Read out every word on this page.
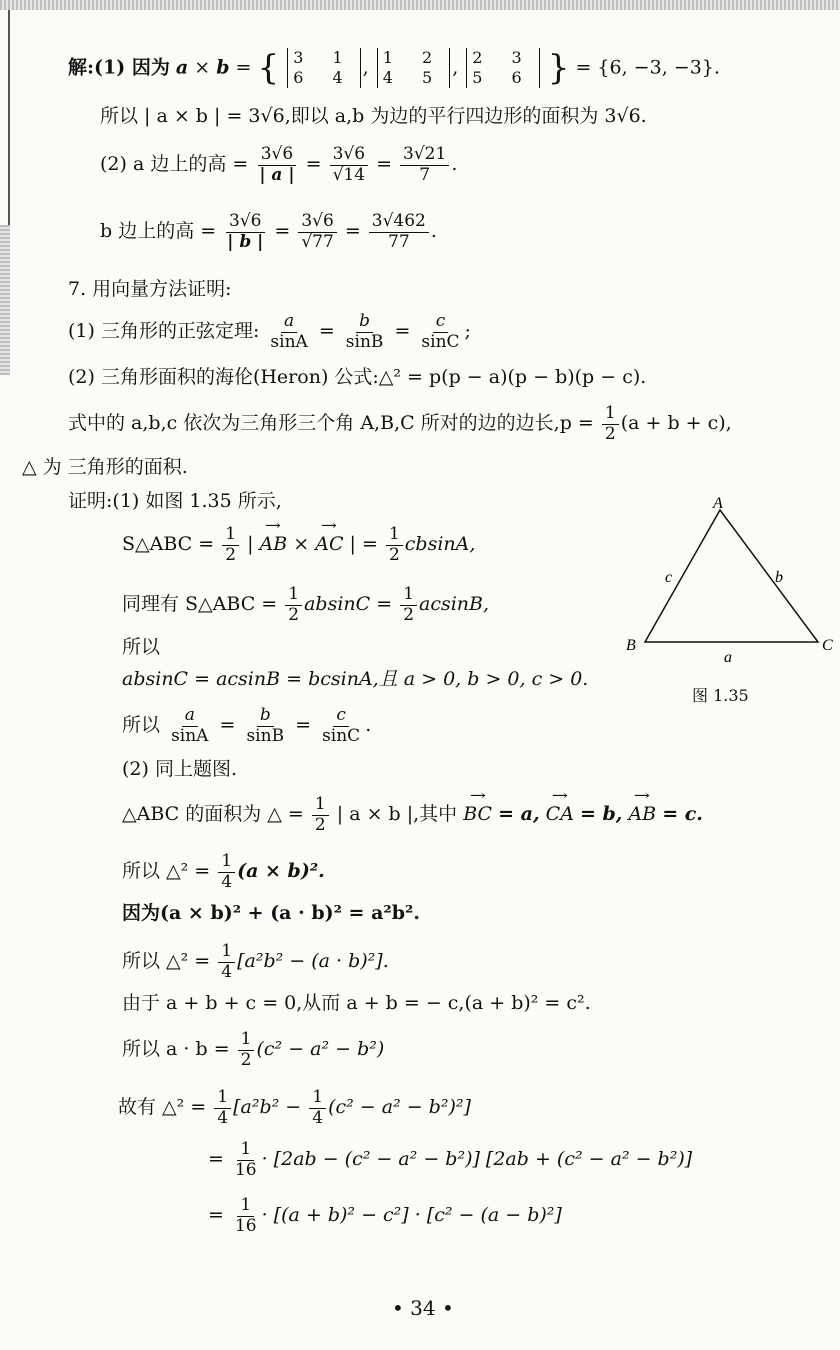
解:(1) 因为 a × b = { 3 1
6 4 , 1 2
4 5 , 2 3
5 6 } = {6, −3, −3}.
所以 | a × b | = 3√6,即以 a,b 为边的平行四边形的面积为 3√6.
(2) a 边上的高 = $\frac{3√6}{| a |} = \frac{3√6}{√14} = \frac{3√21}{7}$ .
b 边上的高 = $\frac{3√6}{| b |} = \frac{3√6}{√77} = \frac{3√462}{77}$ .
7. 用向量方法证明:
(1) 三角形的正弦定理: $\frac{a}{\sin A} = \frac{b}{\sin B} = \frac{c}{\sin C}$ ;
(2) 三角形面积的海伦(Heron) 公式:△² = p(p − a)(p − b)(p − c).
式中的 a,b,c 依次为三角形三个角 A,B,C 所对的边的边长$,p = \frac{1}{2} (a + b + c)$,
△ 为 三角形的面积.
证明:(1) 如图 1.35 所示,
S△ABC = $\frac{1}{2}$ | → AB × → AC | = $\frac{1}{2} cbsinA$,
同理有 S△ABC = $\frac{1}{2}$ $absinC = \frac{1}{2} acsinB$,
所以
absinC = acsinB = bcsinA,且 a > 0, b > 0, c > 0.
所以 $\frac{a}{\sin A} = \frac{b}{\sin B} = \frac{c}{\sin C}$ .
(2) 同上题图.
△ABC 的面积为 △ = $\frac{1}{2}$ | a × b |,其中 → BC = a, → CA = b, → AB = c.
所以 △² = $\frac{1}{4} (a \times b)^2$.
因为(a × b)² + (a · b)² = a²b².
所以 △² = $\frac{1}{4} [a^2b^2 - (a \cdot b)^2]$.
由于 a + b + c = 0,从而 a + b = − c,(a + b)² = c².
所以 $a \cdot b = \frac{1}{2} (c^2 - a^2 - b^2)$
故有 △² = $\frac{1}{4} [a^2b^2 - \frac{1}{4} (c^2 - a^2 - b^2)^2]$
= $\frac{1}{16} \cdot [2ab - (c^2 - a^2 - b^2)] [2ab + (c^2 - a^2 - b^2)]$
= $\frac{1}{16} \cdot [(a + b)^2 - c^2] \cdot [c^2 - (a - b)^2]$
A
B	C
a
b
c
图 1.35
• 34 •
